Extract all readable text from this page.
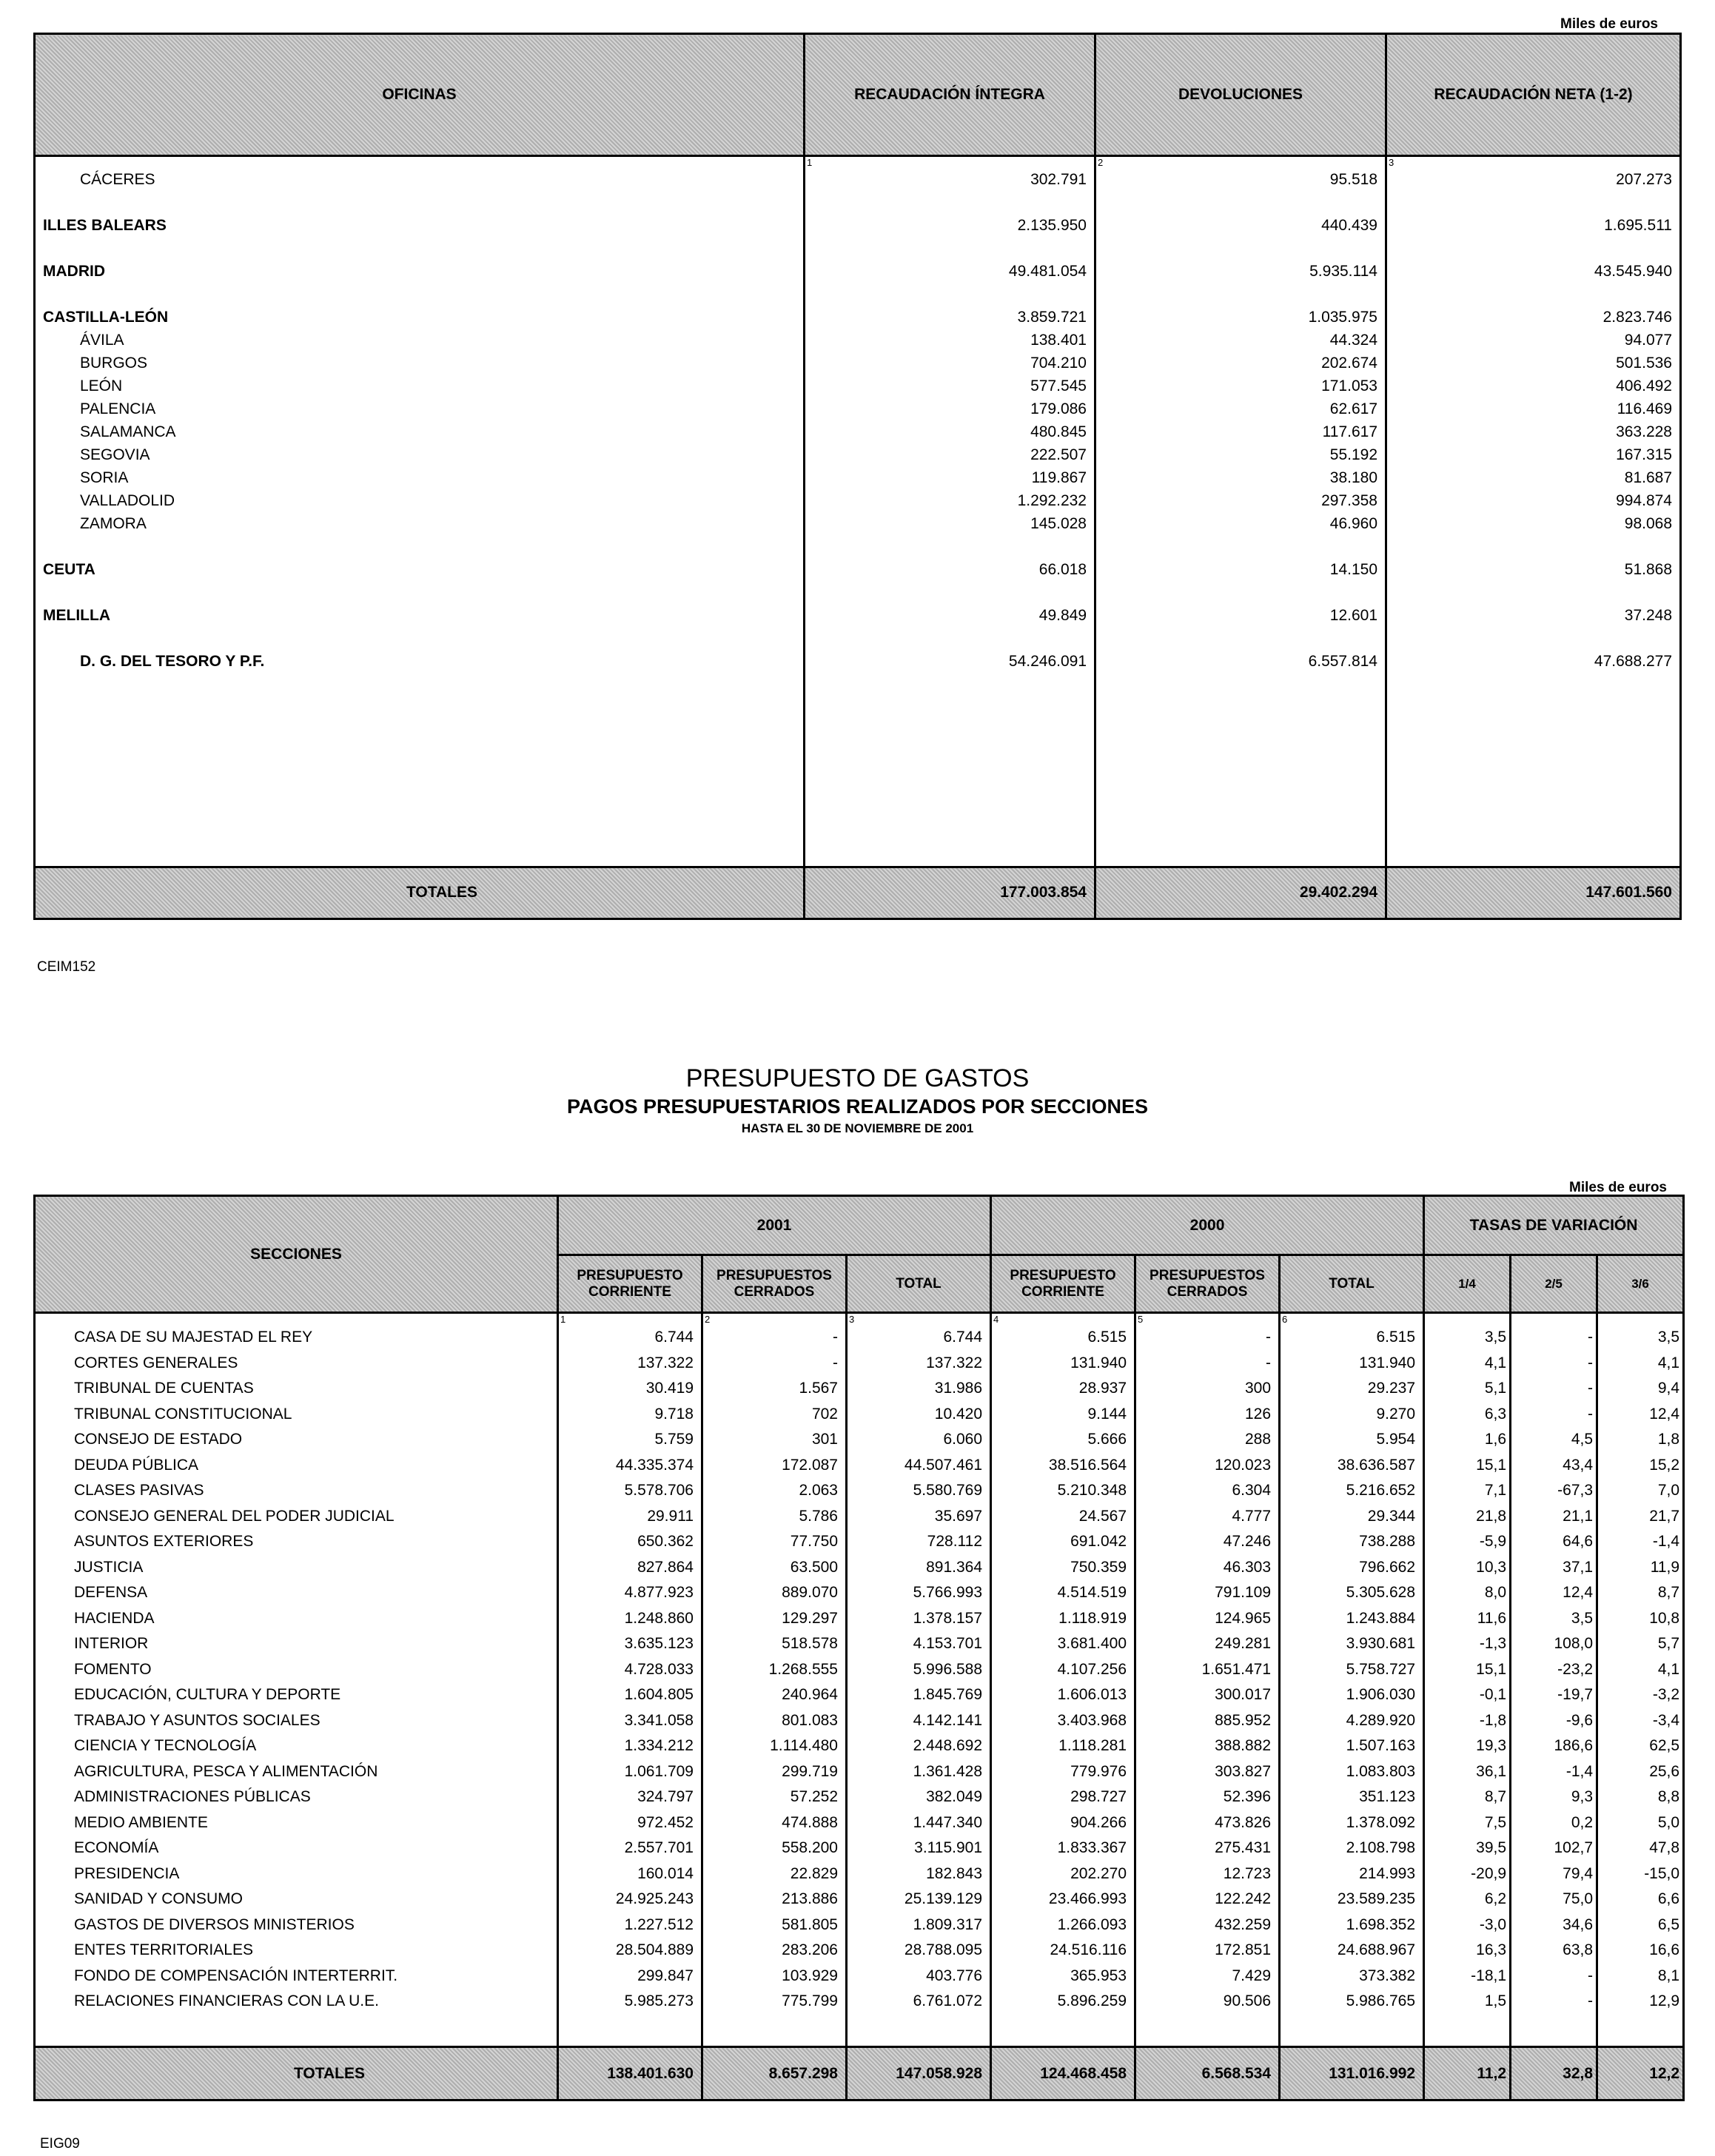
Miles de euros
OFICINAS	RECAUDACIÓN ÍNTEGRA	DEVOLUCIONES	RECAUDACIÓN NETA (1-2)
	1	2	3
CÁCERES	302.791	95.518	207.273

ILLES BALEARS	2.135.950	440.439	1.695.511

MADRID	49.481.054	5.935.114	43.545.940

CASTILLA-LEÓN	3.859.721	1.035.975	2.823.746
ÁVILA	138.401	44.324	94.077
BURGOS	704.210	202.674	501.536
LEÓN	577.545	171.053	406.492
PALENCIA	179.086	62.617	116.469
SALAMANCA	480.845	117.617	363.228
SEGOVIA	222.507	55.192	167.315
SORIA	119.867	38.180	81.687
VALLADOLID	1.292.232	297.358	994.874
ZAMORA	145.028	46.960	98.068

CEUTA	66.018	14.150	51.868

MELILLA	49.849	12.601	37.248

D. G. DEL TESORO Y P.F.	54.246.091	6.557.814	47.688.277

TOTALES	177.003.854	29.402.294	147.601.560
CEIM152
PRESUPUESTO DE GASTOS
PAGOS PRESUPUESTARIOS REALIZADOS POR SECCIONES
HASTA EL 30 DE NOVIEMBRE DE 2001
Miles de euros
SECCIONES	2001			2000			TASAS DE VARIACIÓN		
	PRESUPUESTO CORRIENTE	PRESUPUESTOS CERRADOS	TOTAL	PRESUPUESTO CORRIENTE	PRESUPUESTOS CERRADOS	TOTAL	1/4	2/5	3/6
	1	2	3	4	5	6			
CASA DE SU MAJESTAD EL REY	6.744	-	6.744	6.515	-	6.515	3,5	-	3,5
CORTES GENERALES	137.322	-	137.322	131.940	-	131.940	4,1	-	4,1
TRIBUNAL DE CUENTAS	30.419	1.567	31.986	28.937	300	29.237	5,1	-	9,4
TRIBUNAL CONSTITUCIONAL	9.718	702	10.420	9.144	126	9.270	6,3	-	12,4
CONSEJO DE ESTADO	5.759	301	6.060	5.666	288	5.954	1,6	4,5	1,8
DEUDA PÚBLICA	44.335.374	172.087	44.507.461	38.516.564	120.023	38.636.587	15,1	43,4	15,2
CLASES PASIVAS	5.578.706	2.063	5.580.769	5.210.348	6.304	5.216.652	7,1	-67,3	7,0
CONSEJO GENERAL DEL PODER JUDICIAL	29.911	5.786	35.697	24.567	4.777	29.344	21,8	21,1	21,7
ASUNTOS EXTERIORES	650.362	77.750	728.112	691.042	47.246	738.288	-5,9	64,6	-1,4
JUSTICIA	827.864	63.500	891.364	750.359	46.303	796.662	10,3	37,1	11,9
DEFENSA	4.877.923	889.070	5.766.993	4.514.519	791.109	5.305.628	8,0	12,4	8,7
HACIENDA	1.248.860	129.297	1.378.157	1.118.919	124.965	1.243.884	11,6	3,5	10,8
INTERIOR	3.635.123	518.578	4.153.701	3.681.400	249.281	3.930.681	-1,3	108,0	5,7
FOMENTO	4.728.033	1.268.555	5.996.588	4.107.256	1.651.471	5.758.727	15,1	-23,2	4,1
EDUCACIÓN, CULTURA Y DEPORTE	1.604.805	240.964	1.845.769	1.606.013	300.017	1.906.030	-0,1	-19,7	-3,2
TRABAJO Y ASUNTOS SOCIALES	3.341.058	801.083	4.142.141	3.403.968	885.952	4.289.920	-1,8	-9,6	-3,4
CIENCIA Y TECNOLOGÍA	1.334.212	1.114.480	2.448.692	1.118.281	388.882	1.507.163	19,3	186,6	62,5
AGRICULTURA, PESCA Y ALIMENTACIÓN	1.061.709	299.719	1.361.428	779.976	303.827	1.083.803	36,1	-1,4	25,6
ADMINISTRACIONES PÚBLICAS	324.797	57.252	382.049	298.727	52.396	351.123	8,7	9,3	8,8
MEDIO AMBIENTE	972.452	474.888	1.447.340	904.266	473.826	1.378.092	7,5	0,2	5,0
ECONOMÍA	2.557.701	558.200	3.115.901	1.833.367	275.431	2.108.798	39,5	102,7	47,8
PRESIDENCIA	160.014	22.829	182.843	202.270	12.723	214.993	-20,9	79,4	-15,0
SANIDAD Y CONSUMO	24.925.243	213.886	25.139.129	23.466.993	122.242	23.589.235	6,2	75,0	6,6
GASTOS DE DIVERSOS MINISTERIOS	1.227.512	581.805	1.809.317	1.266.093	432.259	1.698.352	-3,0	34,6	6,5
ENTES TERRITORIALES	28.504.889	283.206	28.788.095	24.516.116	172.851	24.688.967	16,3	63,8	16,6
FONDO DE COMPENSACIÓN INTERTERRIT.	299.847	103.929	403.776	365.953	7.429	373.382	-18,1	-	8,1
RELACIONES FINANCIERAS CON LA U.E.	5.985.273	775.799	6.761.072	5.896.259	90.506	5.986.765	1,5	-	12,9

TOTALES	138.401.630	8.657.298	147.058.928	124.468.458	6.568.534	131.016.992	11,2	32,8	12,2
EIG09
